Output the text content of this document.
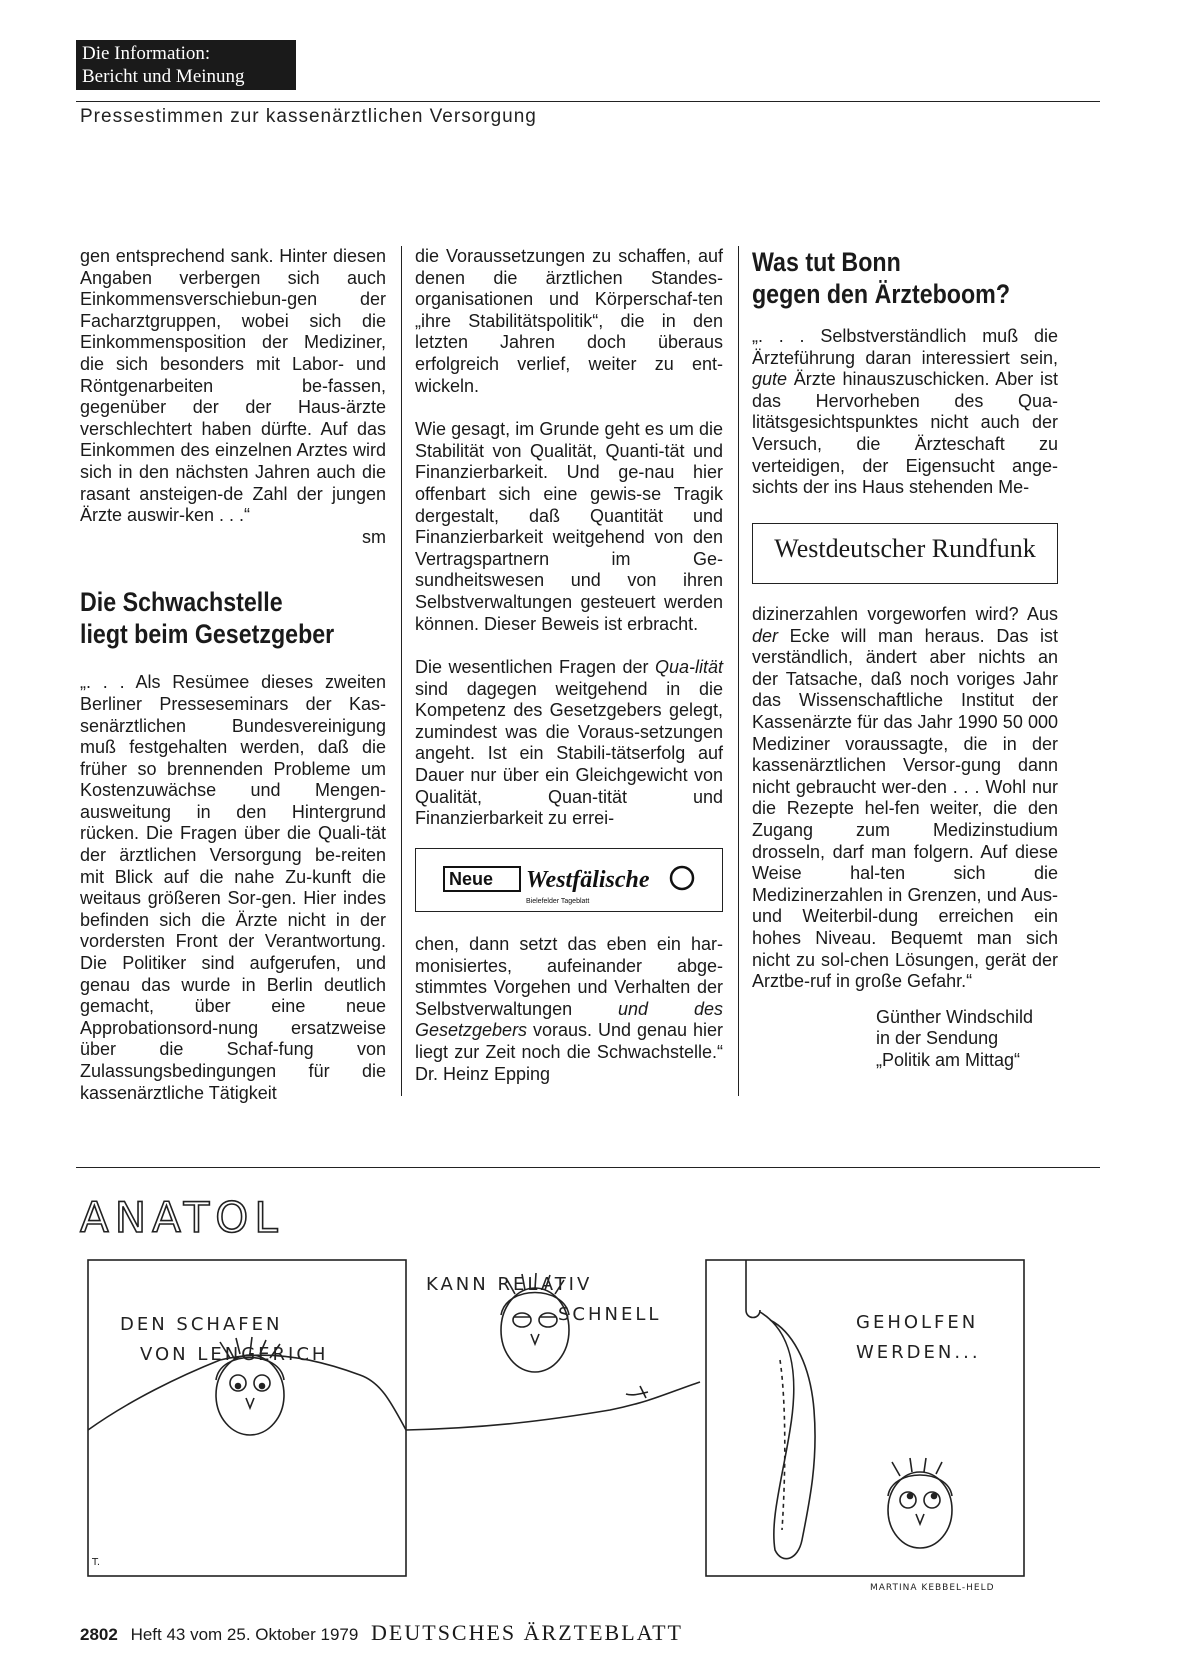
Die Information:
Bericht und Meinung
Pressestimmen zur kassenärztlichen Versorgung

gen entsprechend sank. Hinter diesen Angaben verbergen sich auch Einkommensverschiebun-gen der Facharztgruppen, wobei sich die Einkommensposition der Mediziner, die sich besonders mit Labor- und Röntgenarbeiten be-fassen, gegenüber der der Haus-ärzte verschlechtert haben dürfte. Auf das Einkommen des einzelnen Arztes wird sich in den nächsten Jahren auch die rasant ansteigen-de Zahl der jungen Ärzte auswir-ken . . .“

sm

Die Schwachstelle
liegt beim Gesetzgeber

„. . . Als Resümee dieses zweiten Berliner Presseseminars der Kas-senärztlichen Bundesvereinigung muß festgehalten werden, daß die früher so brennenden Probleme um Kostenzuwächse und Mengen-ausweitung in den Hintergrund rücken. Die Fragen über die Quali-tät der ärztlichen Versorgung be-reiten mit Blick auf die nahe Zu-kunft die weitaus größeren Sor-gen. Hier indes befinden sich die Ärzte nicht in der vordersten Front der Verantwortung. Die Politiker sind aufgerufen, und genau das wurde in Berlin deutlich gemacht, über eine neue Approbationsord-nung ersatzweise über die Schaf-fung von Zulassungsbedingungen für die kassenärztliche Tätigkeit

die Voraussetzungen zu schaffen, auf denen die ärztlichen Standes-organisationen und Körperschaf-ten „ihre Stabilitätspolitik“, die in den letzten Jahren doch überaus erfolgreich verlief, weiter zu ent-wickeln.

Wie gesagt, im Grunde geht es um die Stabilität von Qualität, Quanti-tät und Finanzierbarkeit. Und ge-nau hier offenbart sich eine gewis-se Tragik dergestalt, daß Quantität und Finanzierbarkeit weitgehend von den Vertragspartnern im Ge-sundheitswesen und von ihren Selbstverwaltungen gesteuert werden können. Dieser Beweis ist erbracht.

Die wesentlichen Fragen der Qua-lität sind dagegen weitgehend in die Kompetenz des Gesetzgebers gelegt, zumindest was die Voraus-setzungen angeht. Ist ein Stabili-tätserfolg auf Dauer nur über ein Gleichgewicht von Qualität, Quan-tität und Finanzierbarkeit zu errei-

Neue Westfälische
Bielefelder Tageblatt

chen, dann setzt das eben ein har-monisiertes, aufeinander abge-stimmtes Vorgehen und Verhalten der Selbstverwaltungen und des Gesetzgebers voraus. Und genau hier liegt zur Zeit noch die Schwachstelle.“ Dr. Heinz Epping

Was tut Bonn
gegen den Ärzteboom?

„. . . Selbstverständlich muß die Ärzteführung daran interessiert sein, gute Ärzte hinauszuschicken. Aber ist das Hervorheben des Qua-litätsgesichtspunktes nicht auch der Versuch, die Ärzteschaft zu verteidigen, der Eigensucht ange-sichts der ins Haus stehenden Me-

Westdeutscher Rundfunk

dizinerzahlen vorgeworfen wird? Aus der Ecke will man heraus. Das ist verständlich, ändert aber nichts an der Tatsache, daß noch voriges Jahr das Wissenschaftliche Institut der Kassenärzte für das Jahr 1990 50 000 Mediziner voraussagte, die in der kassenärztlichen Versor-gung dann nicht gebraucht wer-den . . . Wohl nur die Rezepte hel-fen weiter, die den Zugang zum Medizinstudium drosseln, darf man folgern. Auf diese Weise hal-ten sich die Medizinerzahlen in Grenzen, und Aus- und Weiterbil-dung erreichen ein hohes Niveau. Bequemt man sich nicht zu sol-chen Lösungen, gerät der Arztbe-ruf in große Gefahr.“

Günther Windschild
in der Sendung
„Politik am Mittag“
ANATOL
T.
DEN SCHAFEN
VON LENGERICH
KANN RELATIV
SCHNELL	GEHOLFEN
WERDEN...
MARTINA KEBBEL-HELD
2802 Heft 43 vom 25. Oktober 1979 DEUTSCHES ÄRZTEBLATT
